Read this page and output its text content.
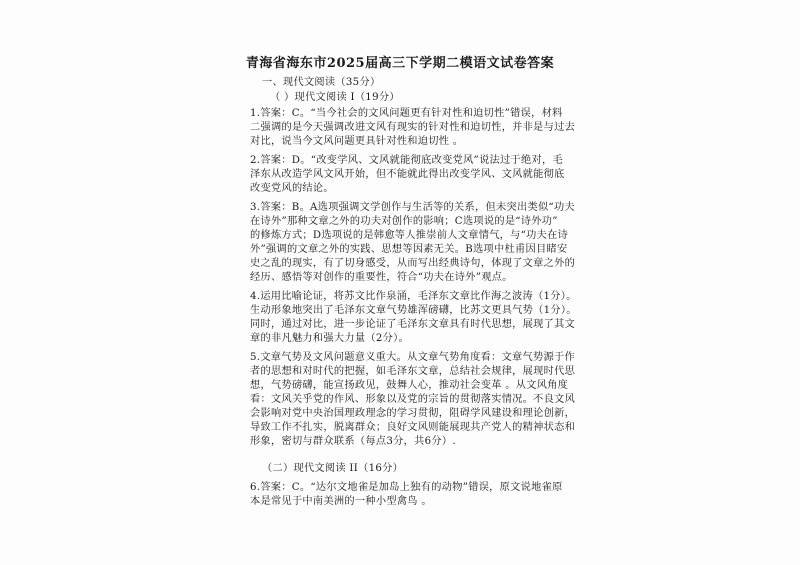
青海省海东市2025届高三下学期二模语文试卷答案
一、现代文阅读（35分）
（ ）现代文阅读 I（19分）
1.答案：C。“当今社会的文风问题更有针对性和迫切性”错误，材料
二强调的是今天强调改进文风有现实的针对性和迫切性，并非是与过去
对比，说当今文风问题更具针对性和迫切性 。
2.答案：D。“改变学风、文风就能彻底改变党风”说法过于绝对，毛
泽东从改造学风文风开始，但不能就此得出改变学风、文风就能彻底
改变党风的结论。
3.答案：B。A选项强调文学创作与生活等的关系，但未突出类似“功夫
在诗外”那种文章之外的功夫对创作的影响；C选项说的是“诗外功”
的修炼方式；D选项说的是韩愈等人推崇前人文章情气，与“功夫在诗
外”强调的文章之外的实践、思想等因素无关。B选项中杜甫因目睹安
史之乱的现实，有了切身感受，从而写出经典诗句，体现了文章之外的
经历、感悟等对创作的重要性，符合“功夫在诗外”观点。
4.运用比喻论证，将苏文比作泉涌，毛泽东文章比作海之波涛（1分）。
生动形象地突出了毛泽东文章气势雄浑磅礴，比苏文更具气势（1分）。
同时，通过对比，进一步论证了毛泽东文章具有时代思想，展现了其文
章的非凡魅力和强大力量（2分）。
5.文章气势及文风问题意义重大。从文章气势角度看：文章气势源于作
者的思想和对时代的把握，如毛泽东文章，总结社会规律，展现时代思
想，气势磅礴，能宣扬政见，鼓舞人心，推动社会变革 。从文风角度
看：文风关乎党的作风、形象以及党的宗旨的贯彻落实情况。不良文风
会影响对党中央治国理政理念的学习贯彻，阻碍学风建设和理论创新，
导致工作不扎实，脱离群众；良好文风则能展现共产党人的精神状态和
形象，密切与群众联系（每点3分，共6分）.
（二）现代文阅读 II（16分）
6.答案：C。“达尔文地雀是加岛上独有的动物”错误，原文说地雀原
本是常见于中南美洲的一种小型禽鸟 。
